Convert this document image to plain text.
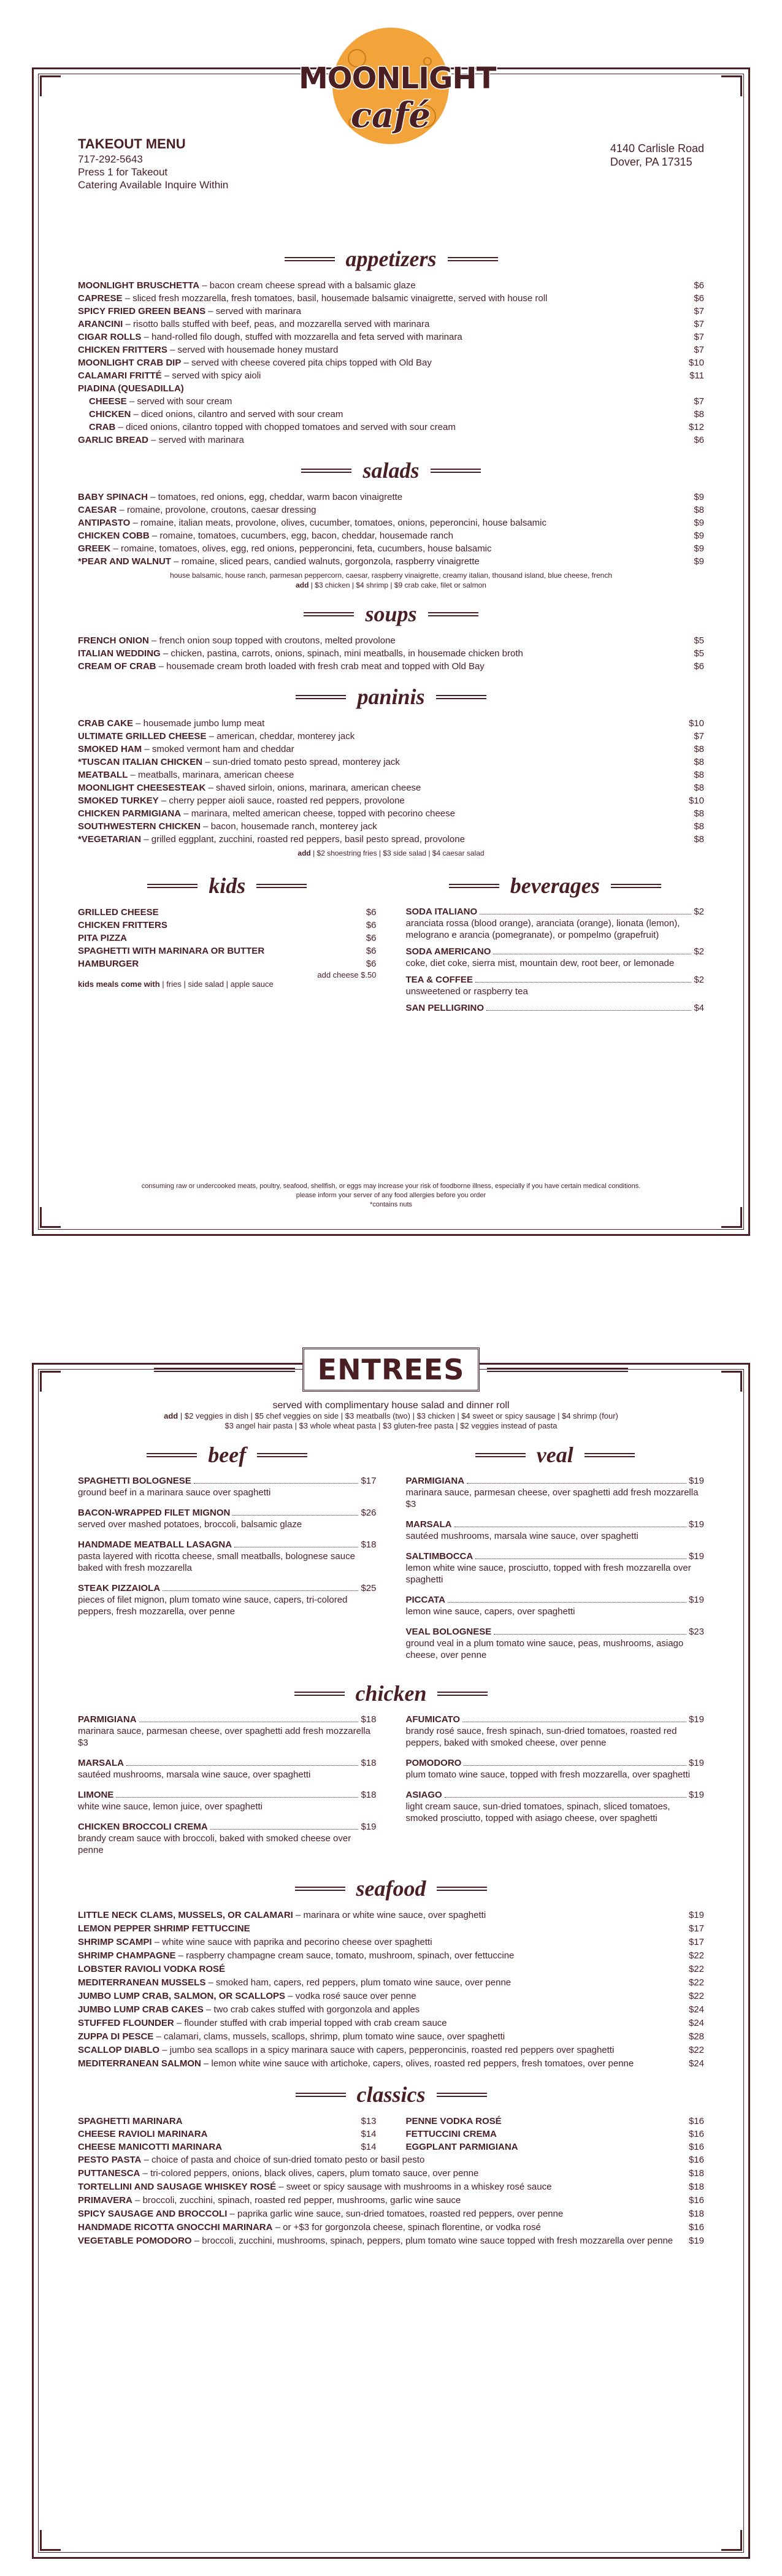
TAKEOUT MENU
717-292-5643
Press 1 for Takeout
Catering Available Inquire Within
4140 Carlisle Road
Dover, PA 17315
appetizers
MOONLIGHT BRUSCHETTA – bacon cream cheese spread with a balsamic glaze	$6
CAPRESE – sliced fresh mozzarella, fresh tomatoes, basil, housemade balsamic vinaigrette, served with house roll	$6
SPICY FRIED GREEN BEANS – served with marinara	$7
ARANCINI – risotto balls stuffed with beef, peas, and mozzarella served with marinara	$7
CIGAR ROLLS – hand-rolled filo dough, stuffed with mozzarella and feta served with marinara	$7
CHICKEN FRITTERS – served with housemade honey mustard	$7
MOONLIGHT CRAB DIP – served with cheese covered pita chips topped with Old Bay	$10
CALAMARI FRITTÉ – served with spicy aioli	$11
PIADINA (QUESADILLA)
CHEESE – served with sour cream	$7
CHICKEN – diced onions, cilantro and served with sour cream	$8
CRAB – diced onions, cilantro topped with chopped tomatoes and served with sour cream	$12
GARLIC BREAD – served with marinara	$6
salads
BABY SPINACH – tomatoes, red onions, egg, cheddar, warm bacon vinaigrette	$9
CAESAR – romaine, provolone, croutons, caesar dressing	$8
ANTIPASTO – romaine, italian meats, provolone, olives, cucumber, tomatoes, onions, peperoncini, house balsamic	$9
CHICKEN COBB – romaine, tomatoes, cucumbers, egg, bacon, cheddar, housemade ranch	$9
GREEK – romaine, tomatoes, olives, egg, red onions, pepperoncini, feta, cucumbers, house balsamic	$9
*PEAR AND WALNUT – romaine, sliced pears, candied walnuts, gorgonzola, raspberry vinaigrette	$9
house balsamic, house ranch, parmesan peppercorn, caesar, raspberry vinaigrette, creamy italian, thousand island, blue cheese, french
add | $3 chicken | $4 shrimp | $9 crab cake, filet or salmon
soups
FRENCH ONION – french onion soup topped with croutons, melted provolone	$5
ITALIAN WEDDING – chicken, pastina, carrots, onions, spinach, mini meatballs, in housemade chicken broth	$5
CREAM OF CRAB – housemade cream broth loaded with fresh crab meat and topped with Old Bay	$6
paninis
CRAB CAKE – housemade jumbo lump meat	$10
ULTIMATE GRILLED CHEESE – american, cheddar, monterey jack	$7
SMOKED HAM – smoked vermont ham and cheddar	$8
*TUSCAN ITALIAN CHICKEN – sun-dried tomato pesto spread, monterey jack	$8
MEATBALL – meatballs, marinara, american cheese	$8
MOONLIGHT CHEESESTEAK – shaved sirloin, onions, marinara, american cheese	$8
SMOKED TURKEY – cherry pepper aioli sauce, roasted red peppers, provolone	$10
CHICKEN PARMIGIANA – marinara, melted american cheese, topped with pecorino cheese	$8
SOUTHWESTERN CHICKEN – bacon, housemade ranch, monterey jack	$8
*VEGETARIAN – grilled eggplant, zucchini, roasted red peppers, basil pesto spread, provolone	$8
add | $2 shoestring fries | $3 side salad | $4 caesar salad
kids
GRILLED CHEESE	$6
CHICKEN FRITTERS	$6
PITA PIZZA	$6
SPAGHETTI WITH MARINARA OR BUTTER	$6
HAMBURGER	$6
add cheese $.50
kids meals come with | fries | side salad | apple sauce
beverages
SODA ITALIANO	$2
aranciata rossa (blood orange), aranciata (orange), lionata (lemon), melograno e arancia (pomegranate), or pompelmo (grapefruit)
SODA AMERICANO	$2
coke, diet coke, sierra mist, mountain dew, root beer, or lemonade
TEA & COFFEE	$2
unsweetened or raspberry tea
SAN PELLIGRINO	$4
consuming raw or undercooked meats, poultry, seafood, shellfish, or eggs may increase your risk of foodborne illness, especially if you have certain medical conditions.
please inform your server of any food allergies before you order
*contains nuts
MOONLIGHT
café
ENTREES
served with complimentary house salad and dinner roll
add | $2 veggies in dish | $5 chef veggies on side | $3 meatballs (two) | $3 chicken | $4 sweet or spicy sausage | $4 shrimp (four)
$3 angel hair pasta | $3 whole wheat pasta | $3 gluten-free pasta | $2 veggies instead of pasta
beef
SPAGHETTI BOLOGNESE	$17
ground beef in a marinara sauce over spaghetti
BACON-WRAPPED FILET MIGNON	$26
served over mashed potatoes, broccoli, balsamic glaze
HANDMADE MEATBALL LASAGNA	$18
pasta layered with ricotta cheese, small meatballs, bolognese sauce baked with fresh mozzarella
STEAK PIZZAIOLA	$25
pieces of filet mignon, plum tomato wine sauce, capers, tri-colored peppers, fresh mozzarella, over penne
veal
PARMIGIANA	$19
marinara sauce, parmesan cheese, over spaghetti add fresh mozzarella $3
MARSALA	$19
sautéed mushrooms, marsala wine sauce, over spaghetti
SALTIMBOCCA	$19
lemon white wine sauce, prosciutto, topped with fresh mozzarella over spaghetti
PICCATA	$19
lemon wine sauce, capers, over spaghetti
VEAL BOLOGNESE	$23
ground veal in a plum tomato wine sauce, peas, mushrooms, asiago cheese, over penne
chicken
PARMIGIANA	$18
marinara sauce, parmesan cheese, over spaghetti add fresh mozzarella $3
MARSALA	$18
sautéed mushrooms, marsala wine sauce, over spaghetti
LIMONE	$18
white wine sauce, lemon juice, over spaghetti
CHICKEN BROCCOLI CREMA	$19
brandy cream sauce with broccoli, baked with smoked cheese over penne
AFUMICATO	$19
brandy rosé sauce, fresh spinach, sun-dried tomatoes, roasted red peppers, baked with smoked cheese, over penne
POMODORO	$19
plum tomato wine sauce, topped with fresh mozzarella, over spaghetti
ASIAGO	$19
light cream sauce, sun-dried tomatoes, spinach, sliced tomatoes, smoked prosciutto, topped with asiago cheese, over spaghetti
seafood
LITTLE NECK CLAMS, MUSSELS, OR CALAMARI – marinara or white wine sauce, over spaghetti	$19
LEMON PEPPER SHRIMP FETTUCCINE	$17
SHRIMP SCAMPI – white wine sauce with paprika and pecorino cheese over spaghetti	$17
SHRIMP CHAMPAGNE – raspberry champagne cream sauce, tomato, mushroom, spinach, over fettuccine	$22
LOBSTER RAVIOLI VODKA ROSÉ	$22
MEDITERRANEAN MUSSELS – smoked ham, capers, red peppers, plum tomato wine sauce, over penne	$22
JUMBO LUMP CRAB, SALMON, OR SCALLOPS – vodka rosé sauce over penne	$22
JUMBO LUMP CRAB CAKES – two crab cakes stuffed with gorgonzola and apples	$24
STUFFED FLOUNDER – flounder stuffed with crab imperial topped with crab cream sauce	$24
ZUPPA DI PESCE – calamari, clams, mussels, scallops, shrimp, plum tomato wine sauce, over spaghetti	$28
SCALLOP DIABLO – jumbo sea scallops in a spicy marinara sauce with capers, pepperoncinis, roasted red peppers over spaghetti	$22
MEDITERRANEAN SALMON – lemon white wine sauce with artichoke, capers, olives, roasted red peppers, fresh tomatoes, over penne	$24
classics
SPAGHETTI MARINARA	$13
CHEESE RAVIOLI MARINARA	$14
CHEESE MANICOTTI MARINARA	$14
PENNE VODKA ROSÉ	$16
FETTUCCINI CREMA	$16
EGGPLANT PARMIGIANA	$16
PESTO PASTA – choice of pasta and choice of sun-dried tomato pesto or basil pesto	$16
PUTTANESCA – tri-colored peppers, onions, black olives, capers, plum tomato sauce, over penne	$18
TORTELLINI AND SAUSAGE WHISKEY ROSÉ – sweet or spicy sausage with mushrooms in a whiskey rosé sauce	$18
PRIMAVERA – broccoli, zucchini, spinach, roasted red pepper, mushrooms, garlic wine sauce	$16
SPICY SAUSAGE AND BROCCOLI – paprika garlic wine sauce, sun-dried tomatoes, roasted red peppers, over penne	$18
HANDMADE RICOTTA GNOCCHI MARINARA – or +$3 for gorgonzola cheese, spinach florentine, or vodka rosé	$16
VEGETABLE POMODORO – broccoli, zucchini, mushrooms, spinach, peppers, plum tomato wine sauce topped with fresh mozzarella over penne	$19
